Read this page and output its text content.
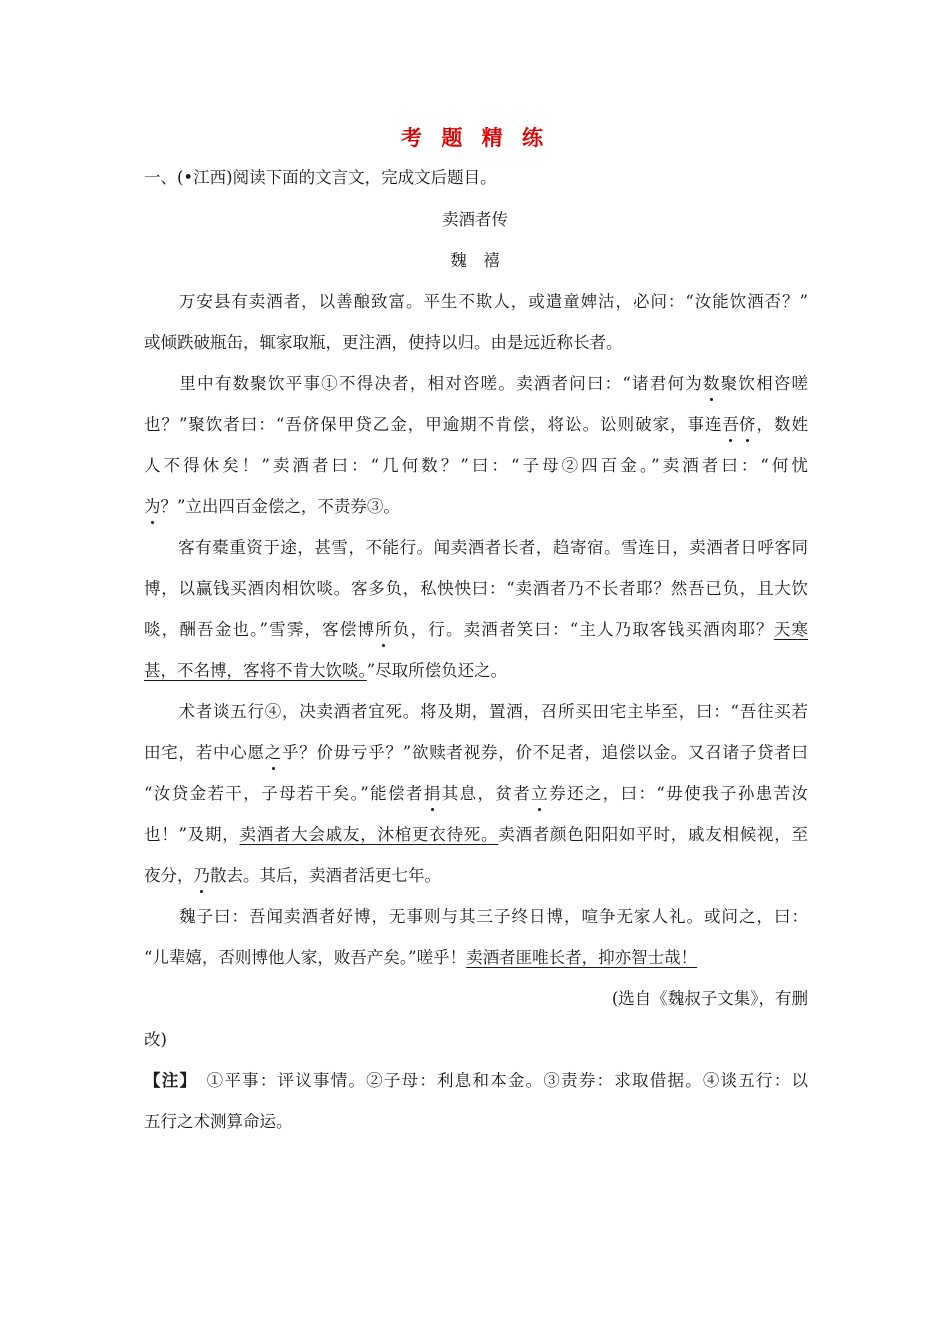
考 题 精 练
一、(•江西)阅读下面的文言文，完成文后题目。
卖酒者传
魏　禧
　　万安县有卖酒者，以善酿致富。平生不欺人，或遣童婢沽，必问：“汝能饮酒否？”
或倾跌破瓶缶，辄家取瓶，更注酒，使持以归。由是远近称长者。
　　里中有数聚饮平事①不得决者，相对咨嗟。卖酒者问曰：“诸君何为数聚饮相咨嗟
也？”聚饮者曰：“吾侪保甲贷乙金，甲逾期不肯偿，将讼。讼则破家，事连吾侪，数姓
人不得休矣！”卖酒者曰：“几何数？”曰：“子母②四百金。”卖酒者曰：“何忧
为？”立出四百金偿之，不责券③。
　　客有橐重资于途，甚雪，不能行。闻卖酒者长者，趋寄宿。雪连日，卖酒者日呼客同
博，以赢钱买酒肉相饮啖。客多负，私怏怏曰：“卖酒者乃不长者耶？然吾已负，且大饮
啖，酬吾金也。”雪霁，客偿博所负，行。卖酒者笑曰：“主人乃取客钱买酒肉耶？天寒
甚，不名博，客将不肯大饮啖。”尽取所偿负还之。
　　术者谈五行④，决卖酒者宜死。将及期，置酒，召所买田宅主毕至，曰：“吾往买若
田宅，若中心愿之乎？价毋亏乎？”欲赎者视券，价不足者，追偿以金。又召诸子贷者曰
“汝贷金若干，子母若干矣。”能偿者捐其息，贫者立券还之，曰：“毋使我子孙患苦汝
也！”及期，卖酒者大会戚友，沐棺更衣待死。卖酒者颜色阳阳如平时，戚友相候视，至
夜分，乃散去。其后，卖酒者活更七年。
　　魏子曰：吾闻卖酒者好博，无事则与其三子终日博，喧争无家人礼。或问之，曰：
“儿辈嬉，否则博他人家，败吾产矣。”嗟乎！卖酒者匪唯长者，抑亦智士哉！
(选自《魏叔子文集》，有删
改)
【注】　①平事：评议事情。②子母：利息和本金。③责券：求取借据。④谈五行：以
五行之术测算命运。
